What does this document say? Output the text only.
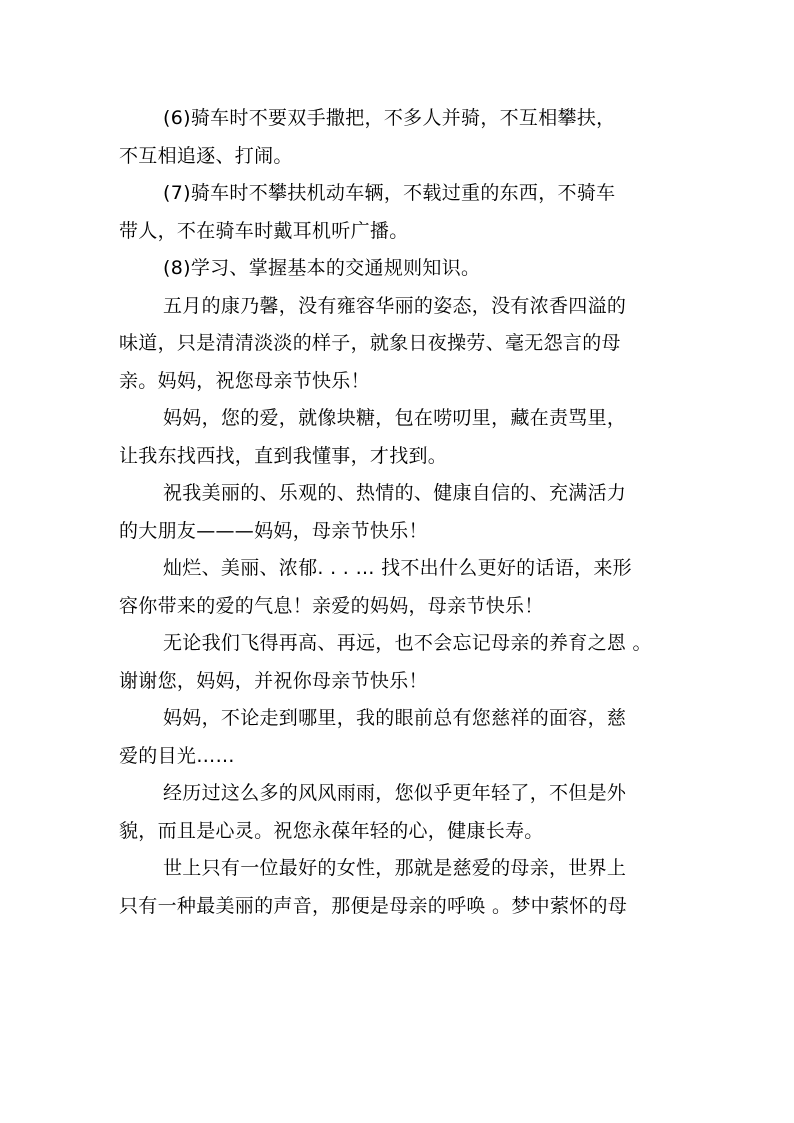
(6)骑车时不要双手撒把，不多人并骑，不互相攀扶，
不互相追逐、打闹。

(7)骑车时不攀扶机动车辆，不载过重的东西，不骑车
带人，不在骑车时戴耳机听广播。

(8)学习、掌握基本的交通规则知识。

五月的康乃馨，没有雍容华丽的姿态，没有浓香四溢的
味道，只是清清淡淡的样子，就象日夜操劳、毫无怨言的母
亲。妈妈，祝您母亲节快乐！

妈妈，您的爱，就像块糖，包在唠叨里，藏在责骂里，
让我东找西找，直到我懂事，才找到。

祝我美丽的、乐观的、热情的、健康自信的、充满活力
的大朋友———妈妈，母亲节快乐！

灿烂、美丽、浓郁. . . … 找不出什么更好的话语，来形
容你带来的爱的气息！亲爱的妈妈，母亲节快乐！

无论我们飞得再高、再远，也不会忘记母亲的养育之恩 。
谢谢您，妈妈，并祝你母亲节快乐！

妈妈，不论走到哪里，我的眼前总有您慈祥的面容，慈
爱的目光……

经历过这么多的风风雨雨，您似乎更年轻了，不但是外
貌，而且是心灵。祝您永葆年轻的心，健康长寿。

世上只有一位最好的女性，那就是慈爱的母亲，世界上
只有一种最美丽的声音，那便是母亲的呼唤 。梦中萦怀的母
